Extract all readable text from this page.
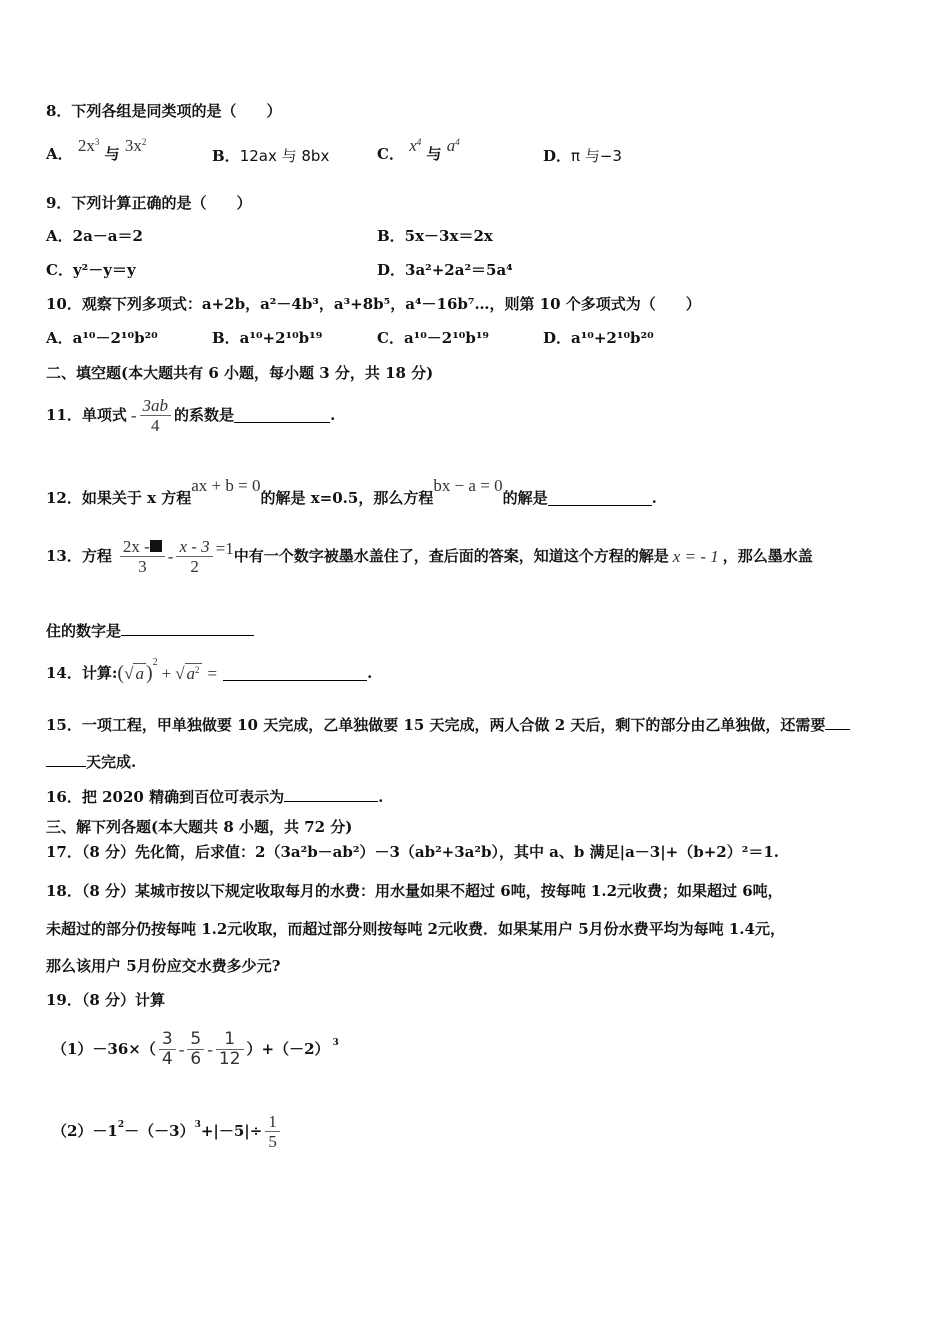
8．下列各组是同类项的是（　　）
A． $2x^3$ 与 $3x^2$
B．12ax 与 8bx	C． $x^4$ 与 $a^4$
D．π 与−3
9．下列计算正确的是（　　）
A．2a－a＝2	B．5x－3x＝2x
C．y²－y＝y	D．3a²+2a²＝5a⁴
10．观察下列多项式：a+2b，a²－4b³，a³+8b⁵，a⁴－16b⁷…，则第 10 个多项式为（　　）
A．a¹⁰－2¹⁰b²⁰	B．a¹⁰+2¹⁰b¹⁹	C．a¹⁰－2¹⁰b¹⁹	D．a¹⁰+2¹⁰b²⁰
二、填空题(本大题共有 6 小题，每小题 3 分，共 18 分)
11．单项式 - $\frac{3ab}{4}$ 的系数是	.
12．如果关于 x 方程
ax + b = 0
的解是 x=0.5，那么方程
bx − a = 0
的解是	.
13．方程 $\frac{2x -}{3} - \frac{x - 3}{2} =1$ 中有一个数字被墨水盖住了，查后面的答案，知道这个方程的解是 x = - 1 ，那么墨水盖
住的数字是
14．计算: ( √ a ) 2
+ √ $a^2$ =	.
15．一项工程，甲单独做要 10 天完成，乙单独做要 15 天完成，两人合做 2 天后，剩下的部分由乙单独做，还需要
天完成.
16．把 2020 精确到百位可表示为	.
三、解下列各题(本大题共 8 小题，共 72 分)
17．（8 分）先化简，后求值：2（3a²b－ab²）－3（ab²+3a²b），其中 a、b 满足|a－3|+（b+2）²＝1.
18．（8 分）某城市按以下规定收取每月的水费：用水量如果不超过 6吨，按每吨 1.2元收费；如果超过 6吨，
未超过的部分仍按每吨 1.2元收取，而超过部分则按每吨 2元收费．如果某用户 5月份水费平均为每吨 1.4元，
那么该用户 5月份应交水费多少元?
19．（8 分）计算
$(1)-36\times( \frac{3}{4} - \frac{5}{6} - \frac{1}{12} )+(-2)$ 3
（2）－1 2 －（－3） $3 +|-5|\div \frac{1}{5}$
